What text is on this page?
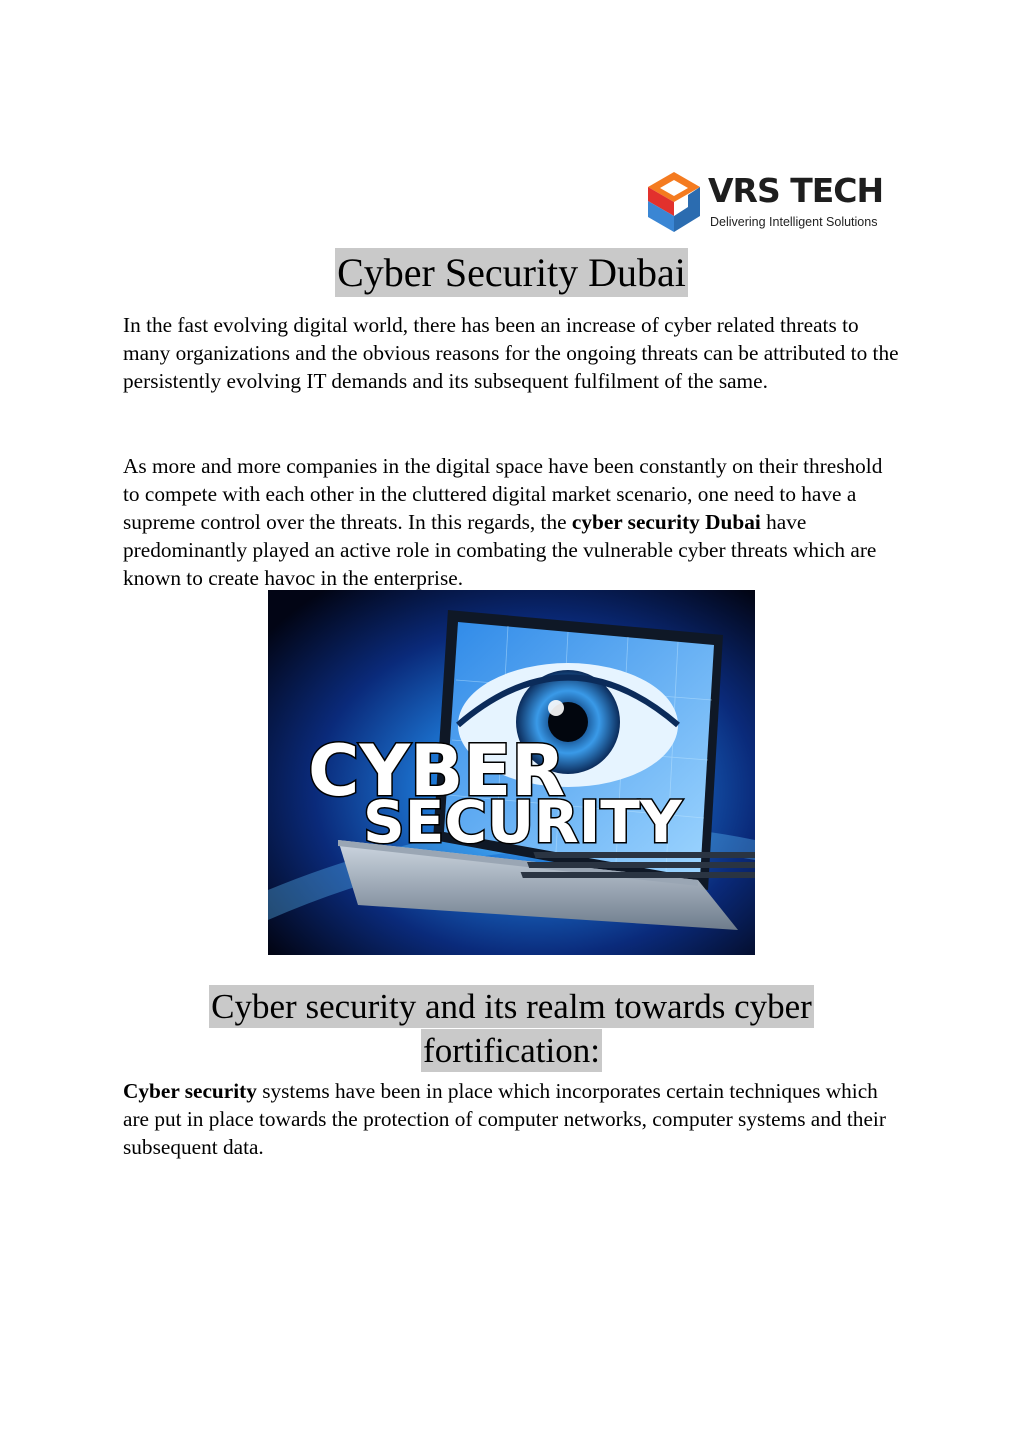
VRS TECH
Delivering Intelligent Solutions
Cyber Security Dubai
In the fast evolving digital world, there has been an increase of cyber related threats to many organizations and the obvious reasons for the ongoing threats can be attributed to the persistently evolving IT demands and its subsequent fulfilment of the same.
As more and more companies in the digital space have been constantly on their threshold to compete with each other in the cluttered digital market scenario, one need to have a supreme control over the threats. In this regards, the cyber security Dubai have predominantly played an active role in combating the vulnerable cyber threats which are known to create havoc in the enterprise.
CYBER
SECURITY
Cyber security and its realm towards cyber
fortification:
Cyber security systems have been in place which incorporates certain techniques which are put in place towards the protection of computer networks, computer systems and their subsequent data.
